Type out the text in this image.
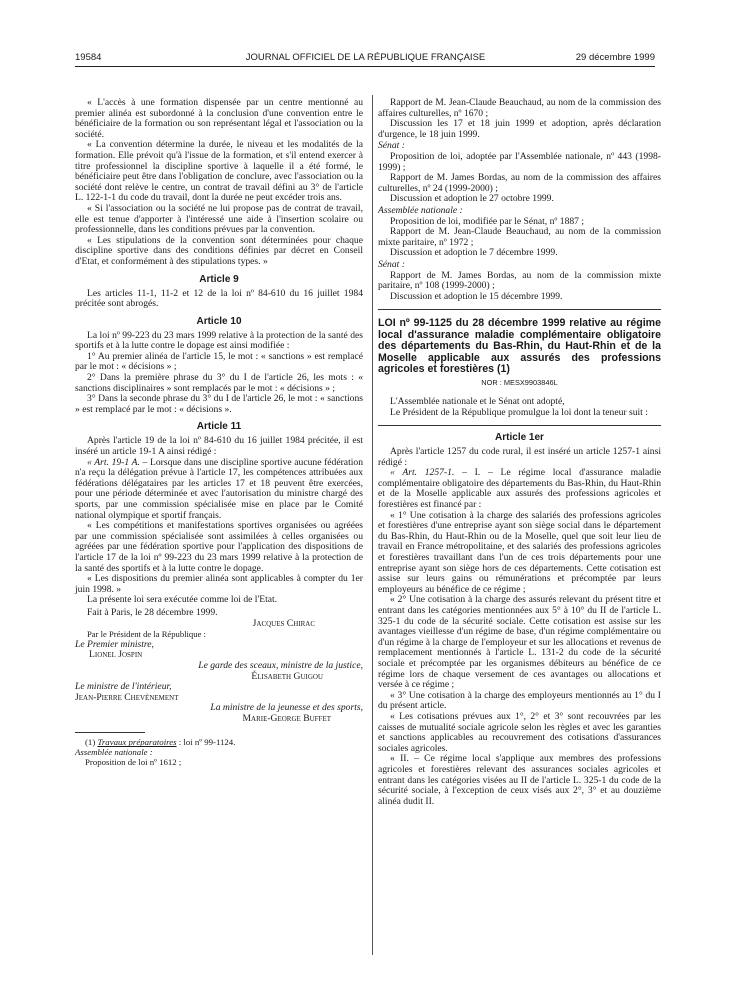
19584	JOURNAL OFFICIEL DE LA RÉPUBLIQUE FRANÇAISE	29 décembre 1999

« L'accès à une formation dispensée par un centre mentionné au premier alinéa est subordonné à la conclusion d'une convention entre le bénéficiaire de la formation ou son représentant légal et l'association ou la société.

« La convention détermine la durée, le niveau et les modalités de la formation. Elle prévoit qu'à l'issue de la formation, et s'il entend exercer à titre professionnel la discipline sportive à laquelle il a été formé, le bénéficiaire peut être dans l'obligation de conclure, avec l'association ou la société dont relève le centre, un contrat de travail défini au 3° de l'article L. 122-1-1 du code du travail, dont la durée ne peut excéder trois ans.

« Si l'association ou la société ne lui propose pas de contrat de travail, elle est tenue d'apporter à l'intéressé une aide à l'insertion scolaire ou professionnelle, dans les conditions prévues par la convention.

« Les stipulations de la convention sont déterminées pour chaque discipline sportive dans des conditions définies par décret en Conseil d'Etat, et conformément à des stipulations types. »

Article 9

Les articles 11-1, 11-2 et 12 de la loi nº 84-610 du 16 juillet 1984 précitée sont abrogés.

Article 10

La loi nº 99-223 du 23 mars 1999 relative à la protection de la santé des sportifs et à la lutte contre le dopage est ainsi modifiée :

1° Au premier alinéa de l'article 15, le mot : « sanctions » est remplacé par le mot : « décisions » ;

2° Dans la première phrase du 3° du I de l'article 26, les mots : « sanctions disciplinaires » sont remplacés par le mot : « décisions » ;

3° Dans la seconde phrase du 3° du I de l'article 26, le mot : « sanctions » est remplacé par le mot : « décisions ».

Article 11

Après l'article 19 de la loi nº 84-610 du 16 juillet 1984 précitée, il est inséré un article 19-1 A ainsi rédigé :

« Art. 19-1 A. – Lorsque dans une discipline sportive aucune fédération n'a reçu la délégation prévue à l'article 17, les compétences attribuées aux fédérations délégataires par les articles 17 et 18 peuvent être exercées, pour une période déterminée et avec l'autorisation du ministre chargé des sports, par une commission spécialisée mise en place par le Comité national olympique et sportif français.

« Les compétitions et manifestations sportives organisées ou agréées par une commission spécialisée sont assimilées à celles organisées ou agréées par une fédération sportive pour l'application des dispositions de l'article 17 de la loi nº 99-223 du 23 mars 1999 relative à la protection de la santé des sportifs et à la lutte contre le dopage.

« Les dispositions du premier alinéa sont applicables à compter du 1er juin 1998. »

La présente loi sera exécutée comme loi de l'Etat.

Fait à Paris, le 28 décembre 1999.

Jacques Chirac

Par le Président de la République :

Le Premier ministre,

Lionel Jospin

Le garde des sceaux, ministre de la justice,

Élisabeth Guigou

Le ministre de l'intérieur,

Jean-Pierre Chevènement

La ministre de la jeunesse et des sports,

Marie-George Buffet

(1) Travaux préparatoires : loi nº 99-1124.

Assemblée nationale :

Proposition de loi nº 1612 ;

Rapport de M. Jean-Claude Beauchaud, au nom de la commission des affaires culturelles, nº 1670 ;

Discussion les 17 et 18 juin 1999 et adoption, après déclaration d'urgence, le 18 juin 1999.

Sénat :

Proposition de loi, adoptée par l'Assemblée nationale, nº 443 (1998-1999) ;

Rapport de M. James Bordas, au nom de la commission des affaires culturelles, nº 24 (1999-2000) ;

Discussion et adoption le 27 octobre 1999.

Assemblée nationale :

Proposition de loi, modifiée par le Sénat, nº 1887 ;

Rapport de M. Jean-Claude Beauchaud, au nom de la commission mixte paritaire, nº 1972 ;

Discussion et adoption le 7 décembre 1999.

Sénat :

Rapport de M. James Bordas, au nom de la commission mixte paritaire, nº 108 (1999-2000) ;

Discussion et adoption le 15 décembre 1999.

LOI nº 99-1125 du 28 décembre 1999 relative au régime local d'assurance maladie complémentaire obligatoire des départements du Bas-Rhin, du Haut-Rhin et de la Moselle applicable aux assurés des professions agricoles et forestières (1)

NOR : MESX9903846L

L'Assemblée nationale et le Sénat ont adopté,

Le Président de la République promulgue la loi dont la teneur suit :

Article 1er

Après l'article 1257 du code rural, il est inséré un article 1257-1 ainsi rédigé :

« Art. 1257-1. – I. – Le régime local d'assurance maladie complémentaire obligatoire des départements du Bas-Rhin, du Haut-Rhin et de la Moselle applicable aux assurés des professions agricoles et forestières est financé par :

« 1° Une cotisation à la charge des salariés des professions agricoles et forestières d'une entreprise ayant son siège social dans le département du Bas-Rhin, du Haut-Rhin ou de la Moselle, quel que soit leur lieu de travail en France métropolitaine, et des salariés des professions agricoles et forestières travaillant dans l'un de ces trois départements pour une entreprise ayant son siège hors de ces départements. Cette cotisation est assise sur leurs gains ou rémunérations et précomptée par leurs employeurs au bénéfice de ce régime ;

« 2° Une cotisation à la charge des assurés relevant du présent titre et entrant dans les catégories mentionnées aux 5° à 10° du II de l'article L. 325-1 du code de la sécurité sociale. Cette cotisation est assise sur les avantages vieillesse d'un régime de base, d'un régime complémentaire ou d'un régime à la charge de l'employeur et sur les allocations et revenus de remplacement mentionnés à l'article L. 131-2 du code de la sécurité sociale et précomptée par les organismes débiteurs au bénéfice de ce régime lors de chaque versement de ces avantages ou allocations et versée à ce régime ;

« 3° Une cotisation à la charge des employeurs mentionnés au 1° du I du présent article.

« Les cotisations prévues aux 1°, 2° et 3° sont recouvrées par les caisses de mutualité sociale agricole selon les règles et avec les garanties et sanctions applicables au recouvrement des cotisations d'assurances sociales agricoles.

« II. – Ce régime local s'applique aux membres des professions agricoles et forestières relevant des assurances sociales agricoles et entrant dans les catégories visées au II de l'article L. 325-1 du code de la sécurité sociale, à l'exception de ceux visés aux 2°, 3° et au douzième alinéa dudit II.
